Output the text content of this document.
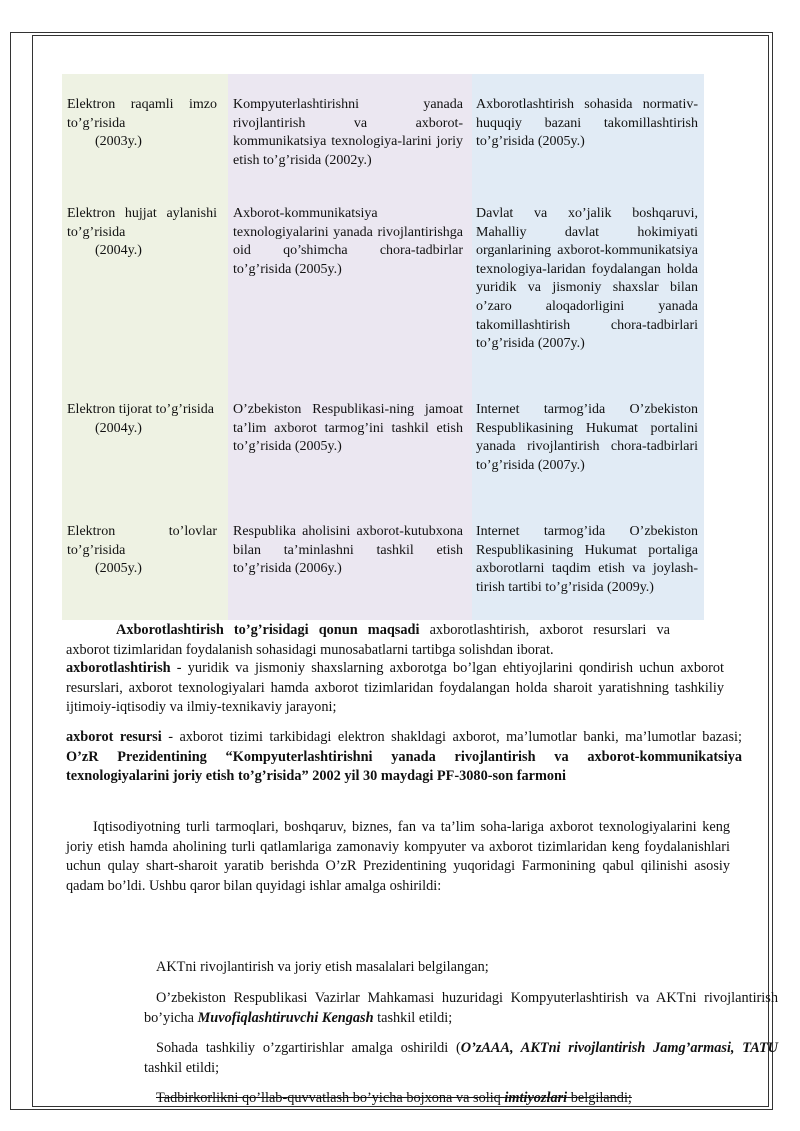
Elektron raqamli imzo to’g’risida
(2003y.)
Elektron hujjat aylanishi to’g’risida
(2004y.)
Elektron tijorat to’g’risida
(2004y.)
Elektron to’lovlar to’g’risida
(2005y.)
Kompyuterlashtirishni yanada rivojlantirish va axborot-kommunikatsiya texnologiya-larini joriy etish to’g’risida (2002y.)
Axborot-kommunikatsiya texnologiyalarini yanada rivojlantirishga oid qo’shimcha chora-tadbirlar to’g’risida (2005y.)
O’zbekiston Respublikasi-ning jamoat ta’lim axborot tarmog’ini tashkil etish to’g’risida (2005y.)
Respublika aholisini axborot-kutubxona bilan ta’minlashni tashkil etish to’g’risida (2006y.)
Axborotlashtirish sohasida normativ-huquqiy bazani takomillashtirish to’g’risida (2005y.)
Davlat va xo’jalik boshqaruvi, Mahalliy davlat hokimiyati organlarining axborot-kommunikatsiya texnologiya-laridan foydalangan holda yuridik va jismoniy shaxslar bilan o’zaro aloqadorligini yanada takomillashtirish chora-tadbirlari to’g’risida (2007y.)
Internet tarmog’ida O’zbekiston Respublikasining Hukumat portalini yanada rivojlantirish chora-tadbirlari to’g’risida (2007y.)
Internet tarmog’ida O’zbekiston Respublikasining Hukumat portaliga axborotlarni taqdim etish va joylash-tirish tartibi to’g’risida (2009y.)

Axborotlashtirish to’g’risidagi qonun maqsadi axborotlashtirish, axborot resurslari va axborot tizimlaridan foydalanish sohasidagi munosabatlarni tartibga solishdan iborat.

axborotlashtirish - yuridik va jismoniy shaxslarning axborotga bo’lgan ehtiyojlarini qondirish uchun axborot resurslari, axborot texnologiyalari hamda axborot tizimlaridan foydalangan holda sharoit yaratishning tashkiliy ijtimoiy-iqtisodiy va ilmiy-texnikaviy jarayoni;

axborot resursi - axborot tizimi tarkibidagi elektron shakldagi axborot, ma’lumotlar banki, ma’lumotlar bazasi; O’zR Prezidentining “Kompyuterlashtirishni yanada rivojlantirish va axborot-kommunikatsiya texnologiyalarini joriy etish to’g’risida” 2002 yil 30 maydagi PF-3080-son farmoni

Iqtisodiyotning turli tarmoqlari, boshqaruv, biznes, fan va ta’lim soha-lariga axborot texnologiyalarini keng joriy etish hamda aholining turli qatlamlariga zamonaviy kompyuter va axborot tizimlaridan keng foydalanishlari uchun qulay shart-sharoit yaratib berishda O’zR Prezidentining yuqoridagi Farmonining qabul qilinishi asosiy qadam bo’ldi. Ushbu qaror bilan quyidagi ishlar amalga oshirildi:

AKTni rivojlantirish va joriy etish masalalari belgilangan;

O’zbekiston Respublikasi Vazirlar Mahkamasi huzuridagi Kompyuterlashtirish va AKTni rivojlantirish bo’yicha Muvofiqlashtiruvchi Kengash tashkil etildi;

Sohada tashkiliy o’zgartirishlar amalga oshirildi (O’zAAA, AKTni rivojlantirish Jamg’armasi, TATU tashkil etildi;

Tadbirkorlikni qo’llab-quvvatlash bo’yicha bojxona va soliq imtiyozlari belgilandi;
